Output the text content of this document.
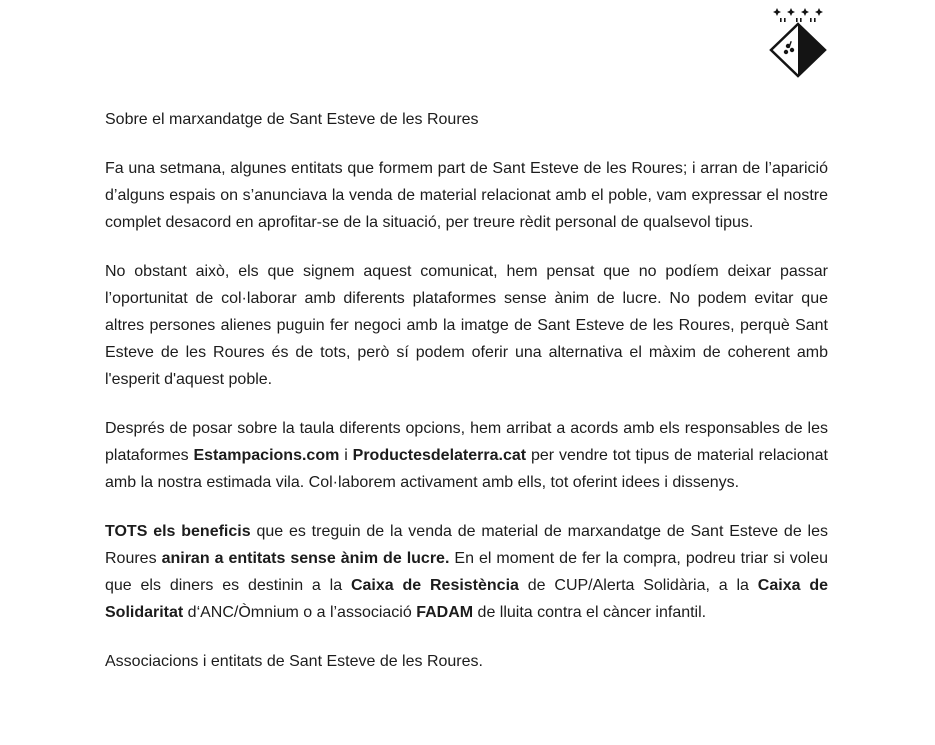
Sobre el marxandatge de Sant Esteve de les Roures

Fa una setmana, algunes entitats que formem part de Sant Esteve de les Roures; i arran de l’aparició d’alguns espais on s’anunciava la venda de material relacionat amb el poble, vam expressar el nostre complet desacord en aprofitar-se de la situació, per treure rèdit personal de qualsevol tipus.

No obstant això, els que signem aquest comunicat, hem pensat que no podíem deixar passar l’oportunitat de col·laborar amb diferents plataformes sense ànim de lucre. No podem evitar que altres persones alienes puguin fer negoci amb la imatge de Sant Esteve de les Roures, perquè Sant Esteve de les Roures és de tots, però sí podem oferir una alternativa el màxim de coherent amb l'esperit d'aquest poble.

Després de posar sobre la taula diferents opcions, hem arribat a acords amb els responsables de les plataformes Estampacions.com i Productesdelaterra.cat per vendre tot tipus de material relacionat amb la nostra estimada vila. Col·laborem activament amb ells, tot oferint idees i dissenys.

TOTS els beneficis que es treguin de la venda de material de marxandatge de Sant Esteve de les Roures aniran a entitats sense ànim de lucre. En el moment de fer la compra, podreu triar si voleu que els diners es destinin a la Caixa de Resistència de CUP/Alerta Solidària, a la Caixa de Solidaritat d‘ANC/Òmnium o a l’associació FADAM de lluita contra el càncer infantil.

Associacions i entitats de Sant Esteve de les Roures.
